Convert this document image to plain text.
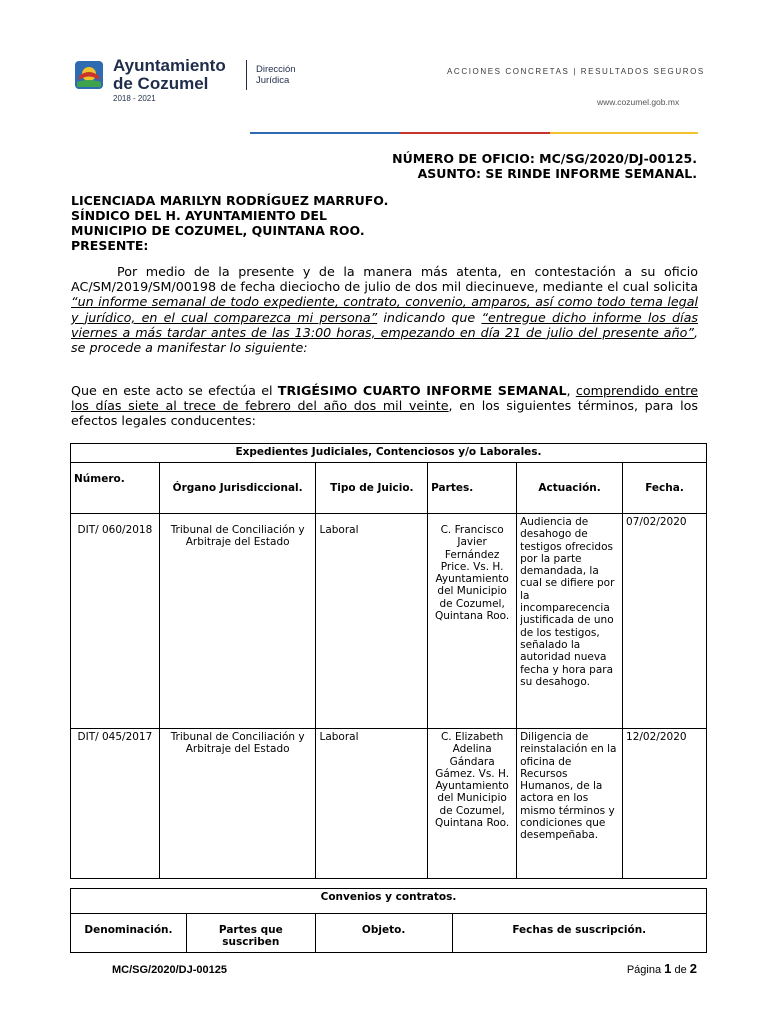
Ayuntamiento
de Cozumel
2018 - 2021
Dirección
Jurídica
ACCIONES CONCRETAS | RESULTADOS SEGUROS
www.cozumel.gob.mx
NÚMERO DE OFICIO: MC/SG/2020/DJ-00125.
ASUNTO: SE RINDE INFORME SEMANAL.
LICENCIADA MARILYN RODRÍGUEZ MARRUFO.
SÍNDICO DEL H. AYUNTAMIENTO DEL
MUNICIPIO DE COZUMEL, QUINTANA ROO.
PRESENTE:

Por medio de la presente y de la manera más atenta, en contestación a su oficio AC/SM/2019/SM/00198 de fecha dieciocho de julio de dos mil diecinueve, mediante el cual solicita “un informe semanal de todo expediente, contrato, convenio, amparos, así como todo tema legal y jurídico, en el cual comparezca mi persona” indicando que “entregue dicho informe los días viernes a más tardar antes de las 13:00 horas, empezando en día 21 de julio del presente año”, se procede a manifestar lo siguiente:

Que en este acto se efectúa el TRIGÉSIMO CUARTO INFORME SEMANAL, comprendido entre los días siete al trece de febrero del año dos mil veinte, en los siguientes términos, para los efectos legales conducentes:

Expedientes Judiciales, Contenciosos y/o Laborales.					
Número.	Órgano Jurisdiccional.	Tipo de Juicio.	Partes.	Actuación.	Fecha.
DIT/ 060/2018	Tribunal de Conciliación y Arbitraje del Estado	Laboral	C. Francisco Javier Fernández Price. Vs. H. Ayuntamiento del Municipio de Cozumel, Quintana Roo.	Audiencia de desahogo de testigos ofrecidos por la parte demandada, la cual se difiere por la incomparecencia justificada de uno de los testigos, señalado la autoridad nueva fecha y hora para su desahogo.	07/02/2020
DIT/ 045/2017	Tribunal de Conciliación y Arbitraje del Estado	Laboral	C. Elizabeth Adelina Gándara Gámez. Vs. H. Ayuntamiento del Municipio de Cozumel, Quintana Roo.	Diligencia de reinstalación en la oficina de Recursos Humanos, de la actora en los mismo términos y condiciones que desempeñaba.	12/02/2020
Convenios y contratos.
Denominación.	Partes que suscriben	Objeto.	Fechas de suscripción.
MC/SG/2020/DJ-00125	Página 1 de 2
